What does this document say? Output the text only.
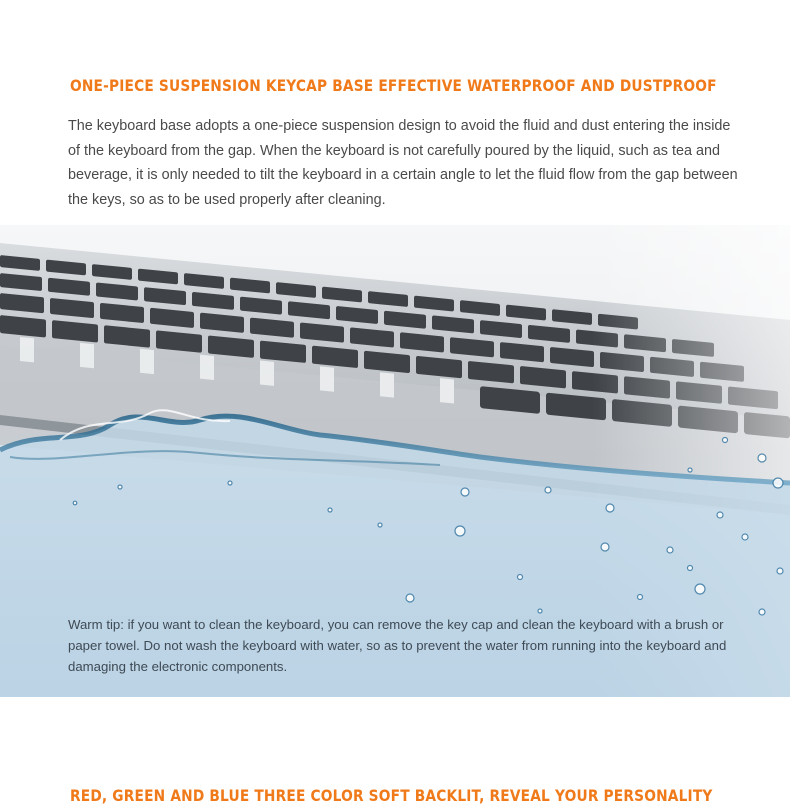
ONE-PIECE SUSPENSION KEYCAP BASE EFFECTIVE WATERPROOF AND DUSTPROOF

The keyboard base adopts a one-piece suspension design to avoid the fluid and dust entering the inside of the keyboard from the gap. When the keyboard is not carefully poured by the liquid, such as tea and beverage, it is only needed to tilt the keyboard in a certain angle to let the fluid flow from the gap between the keys, so as to be used properly after cleaning.

Warm tip: if you want to clean the keyboard, you can remove the key cap and clean the keyboard with a brush or paper towel. Do not wash the keyboard with water, so as to prevent the water from running into the keyboard and damaging the electronic components.

RED, GREEN AND BLUE THREE COLOR SOFT BACKLIT, REVEAL YOUR PERSONALITY
